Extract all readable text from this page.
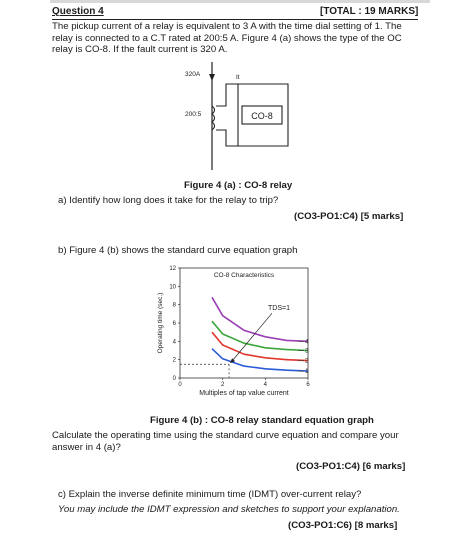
Question 4	[TOTAL : 19 MARKS]
The pickup current of a relay is equivalent to 3 A with the time dial setting of 1. The
relay is connected to a C.T rated at 200:5 A. Figure 4 (a) shows the type of the OC
relay is CO-8. If the fault current is 320 A.
CO-8
320A
200:5
It
Figure 4 (a) : CO-8 relay
a) Identify how long does it take for the relay to trip?
(CO3-PO1:C4) [5 marks]
b) Figure 4 (b) shows the standard curve equation graph
CO-8 Characteristics
Multiples of tap value current
Operating time (sec.)
0
2
4
6
8
10
12
0	2	4	6
1
2
3
4
TDS=1
Figure 4 (b) : CO-8 relay standard equation graph
Calculate the operating time using the standard curve equation and compare your
answer in 4 (a)?
(CO3-PO1:C4) [6 marks]
c) Explain the inverse definite minimum time (IDMT) over-current relay?
You may include the IDMT expression and sketches to support your explanation.
(CO3-PO1:C6) [8 marks]
